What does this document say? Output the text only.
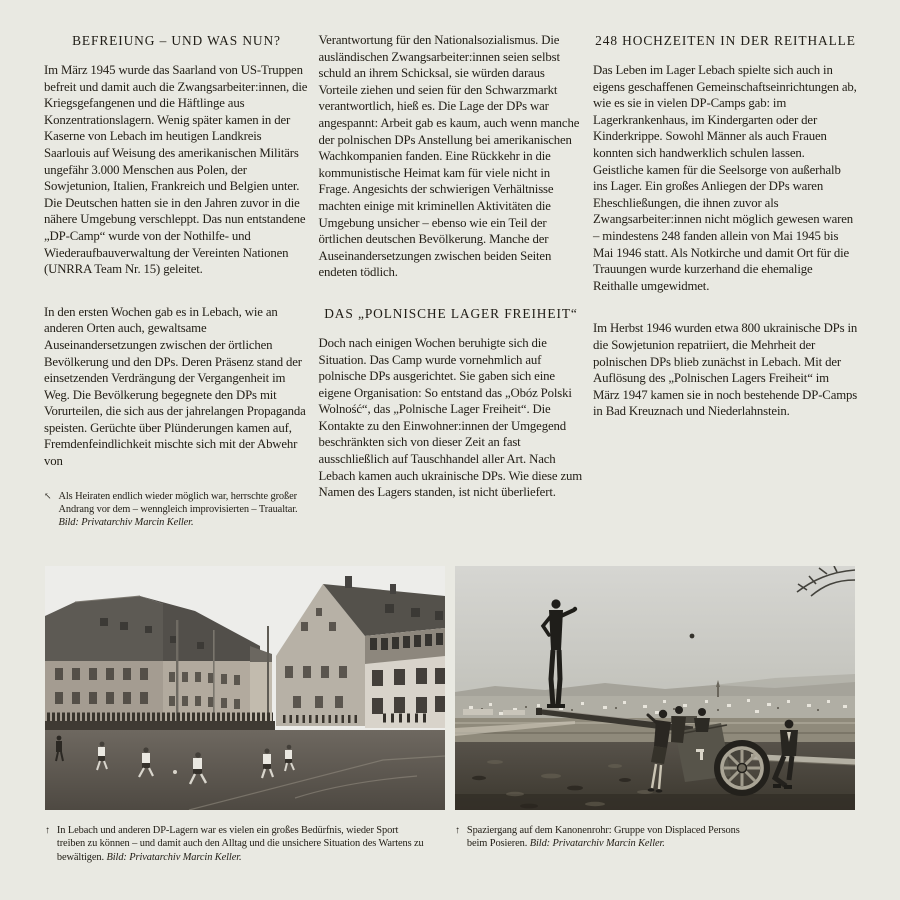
BEFREIUNG – UND WAS NUN?

Im März 1945 wurde das Saarland von US-Truppen befreit und damit auch die Zwangsarbeiter:innen, die Kriegsgefangenen und die Häftlinge aus Konzentrationslagern. Wenig später kamen in der Kaserne von Lebach im heutigen Landkreis Saarlouis auf Weisung des amerikanischen Militärs ungefähr 3.000 Menschen aus Polen, der Sowjetunion, Italien, Frankreich und Belgien unter. Die Deutschen hatten sie in den Jahren zuvor in die nähere Umgebung verschleppt. Das nun entstandene „DP-Camp“ wurde von der Nothilfe- und Wiederaufbauverwaltung der Vereinten Nationen (UNRRA Team Nr. 15) geleitet.

In den ersten Wochen gab es in Lebach, wie an anderen Orten auch, gewaltsame Auseinandersetzungen zwischen der örtlichen Bevölkerung und den DPs. Deren Präsenz stand der einsetzenden Verdrängung der Vergangenheit im Weg. Die Bevölkerung begegnete den DPs mit Vorurteilen, die sich aus der jahrelangen Propaganda speisten. Gerüchte über Plünderungen kamen auf, Fremdenfeindlichkeit mischte sich mit der Abwehr von

↖ Als Heiraten endlich wieder möglich war, herrschte großer Andrang vor dem – wenngleich improvisierten – Traualtar.
Bild: Privatarchiv Marcin Keller.

Verantwortung für den Nationalsozialismus. Die ausländischen Zwangsarbeiter:innen seien selbst schuld an ihrem Schicksal, sie würden daraus Vorteile ziehen und seien für den Schwarzmarkt verantwortlich, hieß es. Die Lage der DPs war angespannt: Arbeit gab es kaum, auch wenn manche der polnischen DPs Anstellung bei amerikanischen Wachkompanien fanden. Eine Rückkehr in die kommunistische Heimat kam für viele nicht in Frage. Angesichts der schwierigen Verhältnisse machten einige mit kriminellen Aktivitäten die Umgebung unsicher – ebenso wie ein Teil der örtlichen deutschen Bevölkerung. Manche der Auseinandersetzungen zwischen beiden Seiten endeten tödlich.

DAS „POLNISCHE LAGER FREIHEIT“

Doch nach einigen Wochen beruhigte sich die Situation. Das Camp wurde vornehmlich auf polnische DPs ausgerichtet. Sie gaben sich eine eigene Organisation: So entstand das „Obóz Polski Wolność“, das „Polnische Lager Freiheit“. Die Kontakte zu den Einwohner:innen der Umgegend beschränkten sich von dieser Zeit an fast ausschließlich auf Tauschhandel aller Art. Nach Lebach kamen auch ukrainische DPs. Wie diese zum Namen des Lagers standen, ist nicht überliefert.

248 HOCHZEITEN IN DER REITHALLE

Das Leben im Lager Lebach spielte sich auch in eigens geschaffenen Gemeinschaftseinrichtungen ab, wie es sie in vielen DP-Camps gab: im Lagerkrankenhaus, im Kindergarten oder der Kinderkrippe. Sowohl Männer als auch Frauen konnten sich handwerklich schulen lassen. Geistliche kamen für die Seelsorge von außerhalb ins Lager. Ein großes Anliegen der DPs waren Eheschließungen, die ihnen zuvor als Zwangsarbeiter:innen nicht möglich gewesen waren – mindestens 248 fanden allein von Mai 1945 bis Mai 1946 statt. Als Notkirche und damit Ort für die Trauungen wurde kurzerhand die ehemalige Reithalle umgewidmet.

Im Herbst 1946 wurden etwa 800 ukrainische DPs in die Sowjetunion repatriiert, die Mehrheit der polnischen DPs blieb zunächst in Lebach. Mit der Auflösung des „Polnischen Lagers Freiheit“ im März 1947 kamen sie in noch bestehende DP-Camps in Bad Kreuznach und Niederlahnstein.

↑ In Lebach und anderen DP-Lagern war es vielen ein großes Bedürfnis, wieder Sport treiben zu können – und damit auch den Alltag und die unsichere Situation des Wartens zu bewältigen. Bild: Privatarchiv Marcin Keller.
↑ Spaziergang auf dem Kanonenrohr: Gruppe von Displaced Persons beim Posieren. Bild: Privatarchiv Marcin Keller.
